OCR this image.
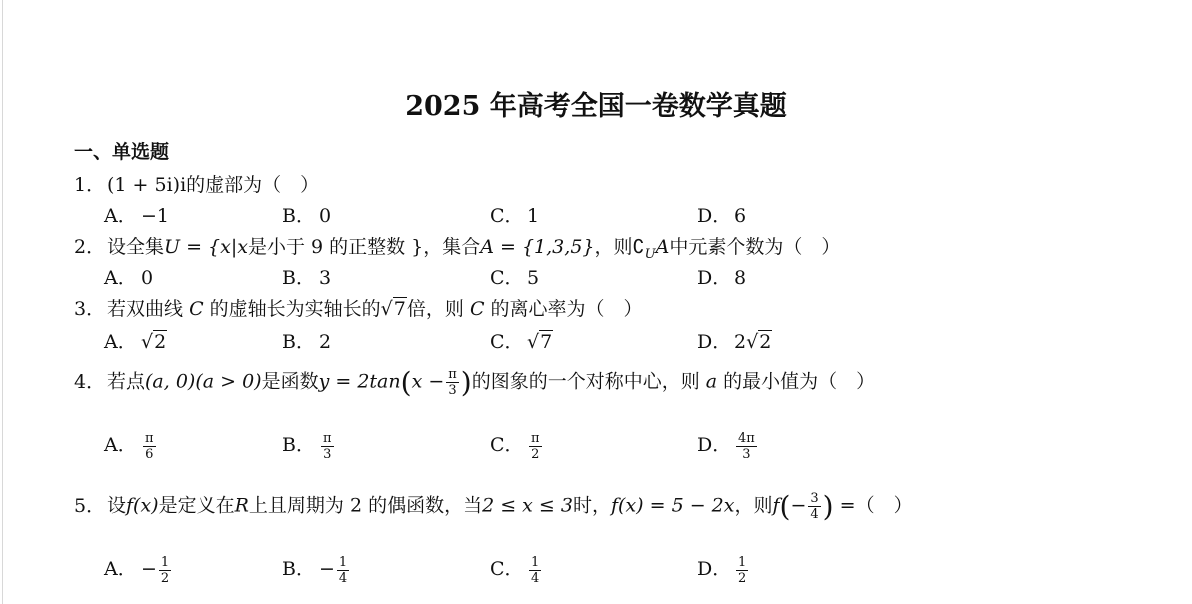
2025 年高考全国一卷数学真题
一、单选题
1． (1 + 5i)i的虚部为（　）
A． −1	B． 0	C． 1	D． 6
2． 设全集U = {x|x是小于 9 的正整数 }，集合A = {1,3,5}，则$∁_UA$中元素个数为（　）
A． 0	B． 3	C． 5	D． 8
3． 若双曲线 C 的虚轴长为实轴长的√7倍，则 C 的离心率为（　）
A． √2	B． 2	C． √7	D． 2√2
4． 若点(a, 0)(a > 0)是函数$y = 2\tan(x - \frac{\pi}{3}$ )的图象的一个对称中心，则 a 的最小值为（　）
A． $\frac{\pi}{6}$	B． $\frac{\pi}{3}$	C． $\frac{\pi}{2}$	D． $\frac{4\pi}{3}$
5． 设f(x)是定义在R上且周期为 2 的偶函数，当2 ≤ x ≤ 3时，f(x) = 5 − 2x，则$f(- \frac{3}{4}$ ) =（　）
A． − $\frac{1}{2}$	B． − $\frac{1}{4}$	C． $\frac{1}{4}$	D． $\frac{1}{2}$
